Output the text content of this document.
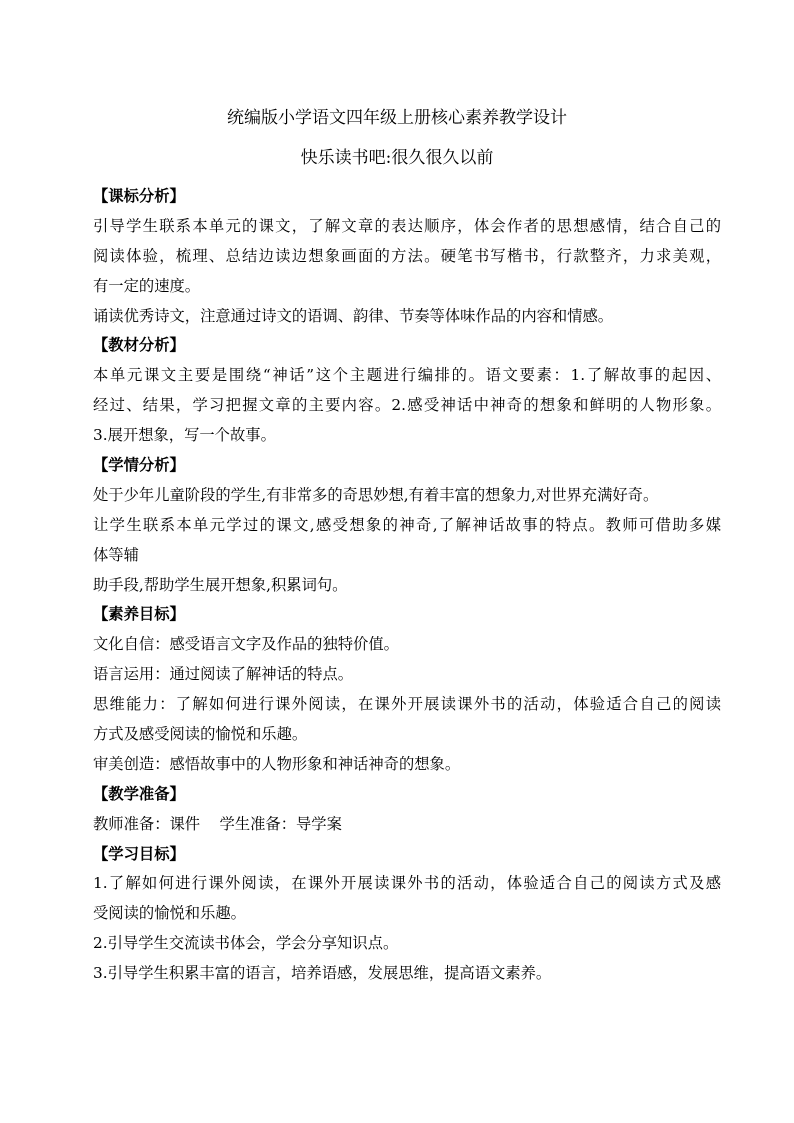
统编版小学语文四年级上册核心素养教学设计
快乐读书吧:很久很久以前
【课标分析】
引导学生联系本单元的课文，了解文章的表达顺序，体会作者的思想感情，结合自己的
阅读体验，梳理、总结边读边想象画面的方法。硬笔书写楷书，行款整齐，力求美观，
有一定的速度。
诵读优秀诗文，注意通过诗文的语调、韵律、节奏等体味作品的内容和情感。
【教材分析】
本单元课文主要是围绕“神话”这个主题进行编排的。语文要素：1.了解故事的起因、
经过、结果，学习把握文章的主要内容。2.感受神话中神奇的想象和鲜明的人物形象。
3.展开想象，写一个故事。
【学情分析】
处于少年儿童阶段的学生,有非常多的奇思妙想,有着丰富的想象力,对世界充满好奇。
让学生联系本单元学过的课文,感受想象的神奇,了解神话故事的特点。教师可借助多媒
体等辅
助手段,帮助学生展开想象,积累词句。
【素养目标】
文化自信：感受语言文字及作品的独特价值。
语言运用：通过阅读了解神话的特点。
思维能力：了解如何进行课外阅读，在课外开展读课外书的活动，体验适合自己的阅读
方式及感受阅读的愉悦和乐趣。
审美创造：感悟故事中的人物形象和神话神奇的想象。
【教学准备】
教师准备：课件    学生准备：导学案
【学习目标】
1.了解如何进行课外阅读，在课外开展读课外书的活动，体验适合自己的阅读方式及感
受阅读的愉悦和乐趣。
2.引导学生交流读书体会，学会分享知识点。
3.引导学生积累丰富的语言，培养语感，发展思维，提高语文素养。
